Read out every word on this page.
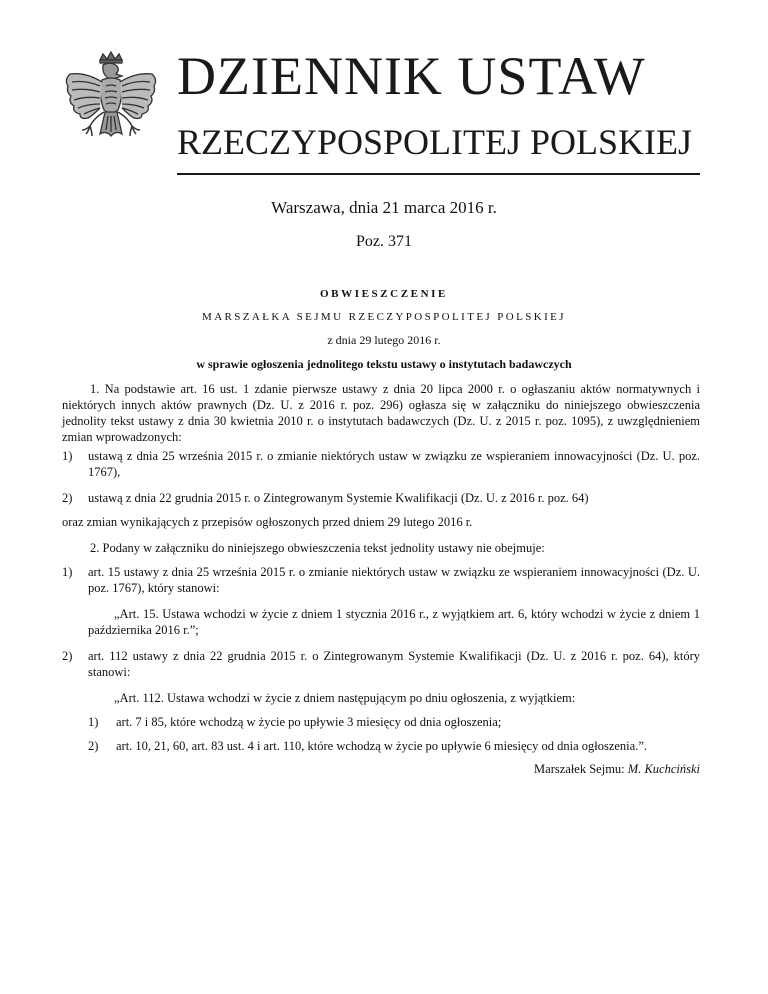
DZIENNIK USTAW
RZECZYPOSPOLITEJ POLSKIEJ
Warszawa, dnia 21 marca 2016 r.
Poz. 371
OBWIESZCZENIE
MARSZAŁKA SEJMU RZECZYPOSPOLITEJ POLSKIEJ
z dnia 29 lutego 2016 r.
w sprawie ogłoszenia jednolitego tekstu ustawy o instytutach badawczych
1. Na podstawie art. 16 ust. 1 zdanie pierwsze ustawy z dnia 20 lipca 2000 r. o ogłaszaniu aktów normatywnych i niektórych innych aktów prawnych (Dz. U. z 2016 r. poz. 296) ogłasza się w załączniku do niniejszego obwieszczenia jednolity tekst ustawy z dnia 30 kwietnia 2010 r. o instytutach badawczych (Dz. U. z 2015 r. poz. 1095), z uwzględnieniem zmian wprowadzonych:
1) ustawą z dnia 25 września 2015 r. o zmianie niektórych ustaw w związku ze wspieraniem innowacyjności (Dz. U. poz. 1767),
2) ustawą z dnia 22 grudnia 2015 r. o Zintegrowanym Systemie Kwalifikacji (Dz. U. z 2016 r. poz. 64)
oraz zmian wynikających z przepisów ogłoszonych przed dniem 29 lutego 2016 r.
2. Podany w załączniku do niniejszego obwieszczenia tekst jednolity ustawy nie obejmuje:
1) art. 15 ustawy z dnia 25 września 2015 r. o zmianie niektórych ustaw w związku ze wspieraniem innowacyjności (Dz. U. poz. 1767), który stanowi:
„Art. 15. Ustawa wchodzi w życie z dniem 1 stycznia 2016 r., z wyjątkiem art. 6, który wchodzi w życie z dniem 1 października 2016 r.”;
2) art. 112 ustawy z dnia 22 grudnia 2015 r. o Zintegrowanym Systemie Kwalifikacji (Dz. U. z 2016 r. poz. 64), który stanowi:
„Art. 112. Ustawa wchodzi w życie z dniem następującym po dniu ogłoszenia, z wyjątkiem:
1) art. 7 i 85, które wchodzą w życie po upływie 3 miesięcy od dnia ogłoszenia;
2) art. 10, 21, 60, art. 83 ust. 4 i art. 110, które wchodzą w życie po upływie 6 miesięcy od dnia ogłoszenia.”.
Marszałek Sejmu: M. Kuchciński
